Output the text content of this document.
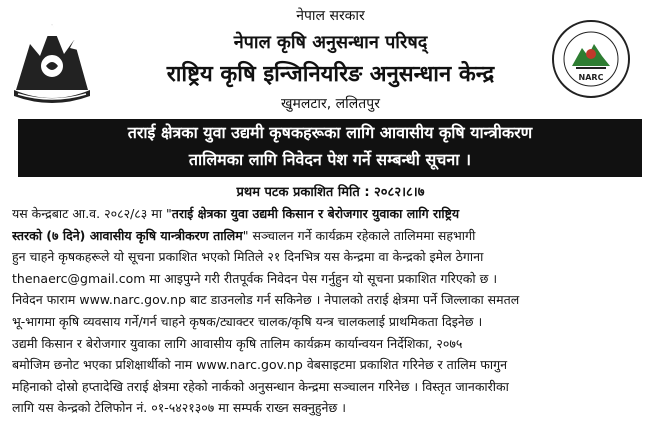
नेपाल सरकार
नेपाल कृषि अनुसन्धान परिषद्
राष्ट्रिय कृषि इन्जिनियरिङ अनुसन्धान केन्द्र
खुमलटार, ललितपुर
NARC
तराई क्षेत्रका युवा उद्यमी कृषकहरूका लागि आवासीय कृषि यान्त्रीकरण
तालिमका लागि निवेदन पेश गर्ने सम्बन्धी सूचना ।
प्रथम पटक प्रकाशित मिति : २०८२।८।७
यस केन्द्रबाट आ.व. २०८२/८३ मा "तराई क्षेत्रका युवा उद्यमी किसान र बेरोजगार युवाका लागि राष्ट्रिय
स्तरको (७ दिने) आवासीय कृषि यान्त्रीकरण तालिम" सञ्चालन गर्ने कार्यक्रम रहेकाले तालिममा सहभागी
हुन चाहने कृषकहरूले यो सूचना प्रकाशित भएको मितिले २१ दिनभित्र यस केन्द्रमा वा केन्द्रको इमेल ठेगाना
thenaerc@gmail.com मा आइपुग्ने गरी रीतपूर्वक निवेदन पेस गर्नुहुन यो सूचना प्रकाशित गरिएको छ ।
निवेदन फाराम www.narc.gov.np बाट डाउनलोड गर्न सकिनेछ । नेपालको तराई क्षेत्रमा पर्ने जिल्लाका समतल
भू-भागमा कृषि व्यवसाय गर्ने/गर्न चाहने कृषक/ट्याक्टर चालक/कृषि यन्त्र चालकलाई प्राथमिकता दिइनेछ ।
उद्यमी किसान र बेरोजगार युवाका लागि आवासीय कृषि तालिम कार्यक्रम कार्यान्वयन निर्देशिका, २०७५
बमोजिम छनोट भएका प्रशिक्षार्थीको नाम www.narc.gov.np वेबसाइटमा प्रकाशित गरिनेछ र तालिम फागुन
महिनाको दोस्रो हप्तादेखि तराई क्षेत्रमा रहेको नार्कको अनुसन्धान केन्द्रमा सञ्चालन गरिनेछ । विस्तृत जानकारीका
लागि यस केन्द्रको टेलिफोन नं. ०१-५४२१३०७ मा सम्पर्क राख्न सक्नुहुनेछ ।
